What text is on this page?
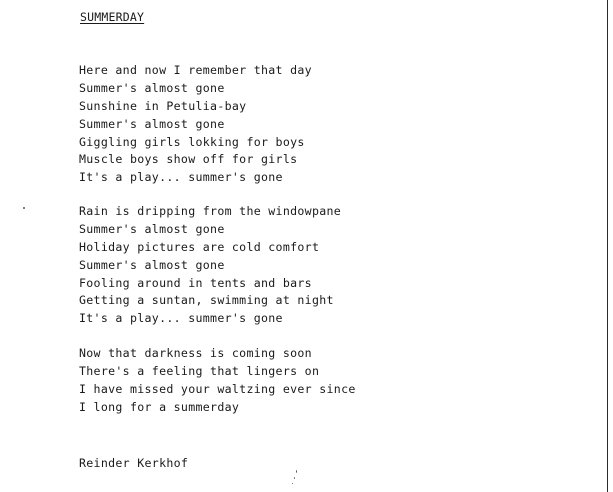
SUMMERDAY
Here and now I remember that day
Summer's almost gone
Sunshine in Petulia-bay
Summer's almost gone
Giggling girls lokking for boys
Muscle boys show off for girls
It's a play... summer's gone
Rain is dripping from the windowpane
Summer's almost gone
Holiday pictures are cold comfort
Summer's almost gone
Fooling around in tents and bars
Getting a suntan, swimming at night
It's a play... summer's gone
Now that darkness is coming soon
There's a feeling that lingers on
I have missed your waltzing ever since
I long for a summerday
Reinder Kerkhof
